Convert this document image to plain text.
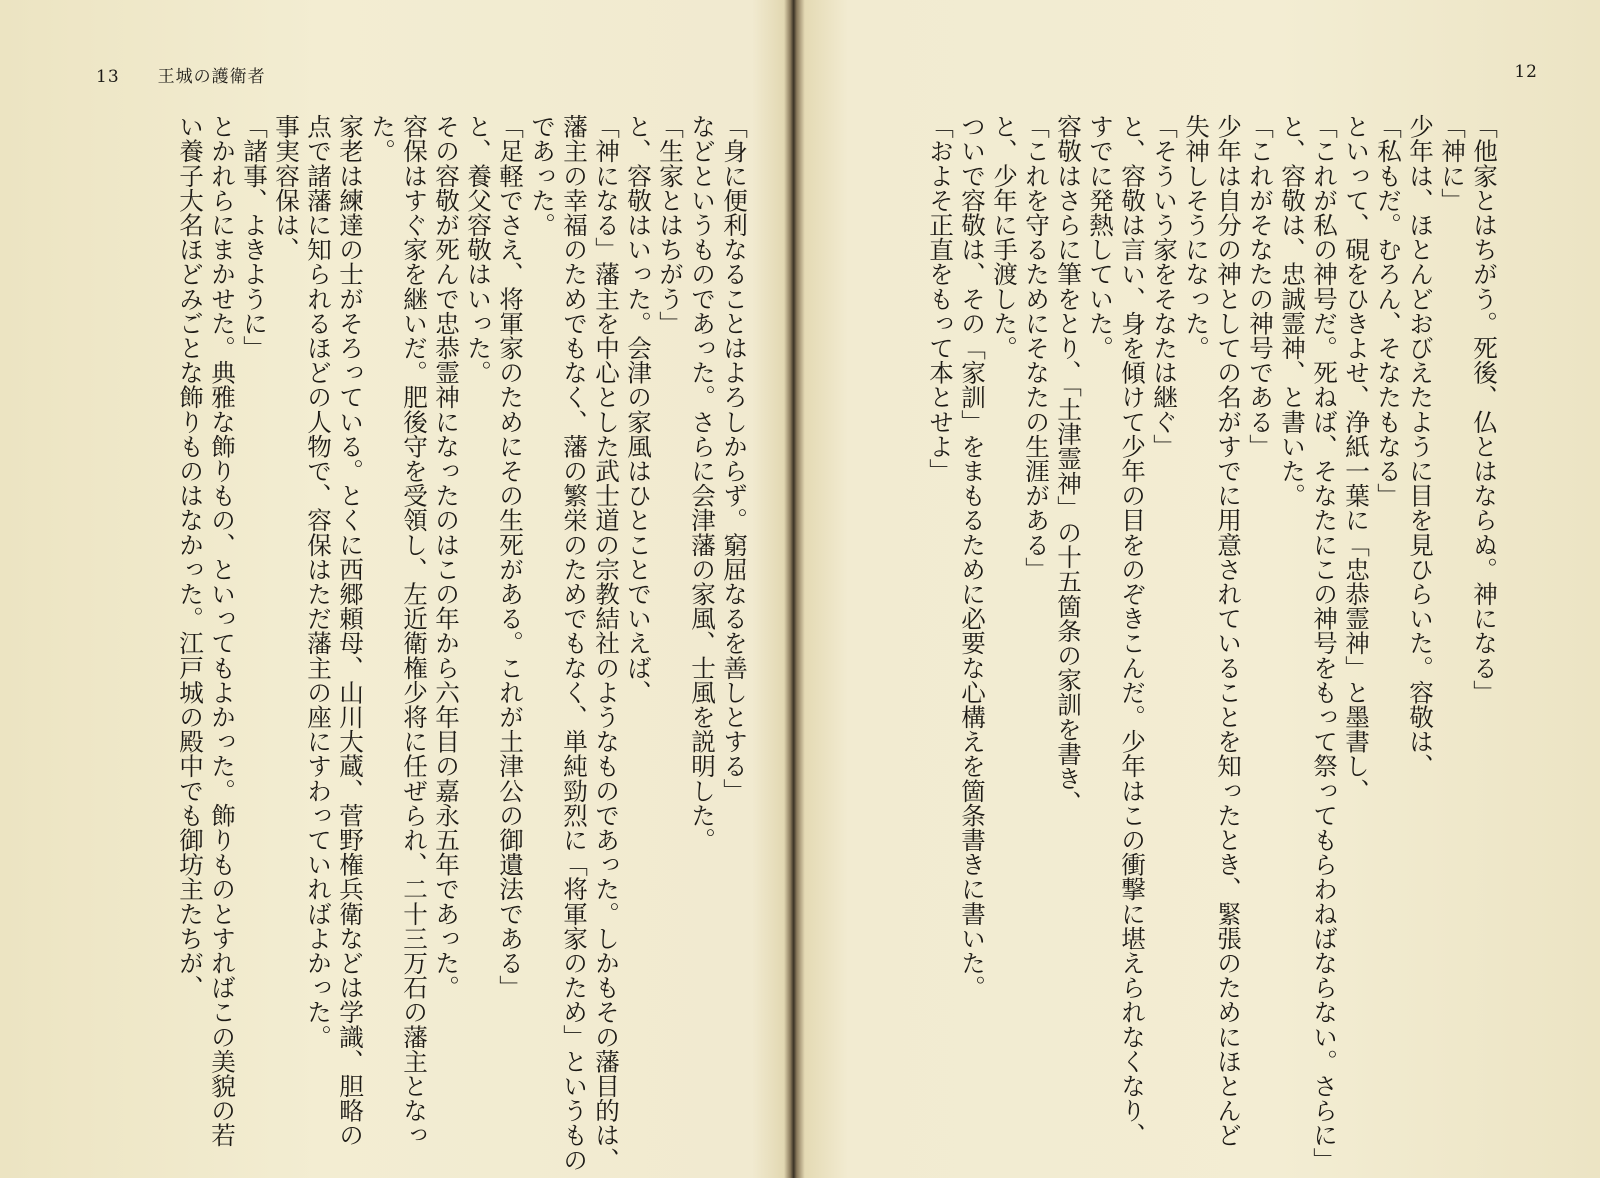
13 王城の護衛者
「身に便利なることはよろしからず。窮屈なるを善しとする」
などというものであった。さらに会津藩の家風、士風を説明した。
「生家とはちがう」
と、容敬はいった。会津の家風はひとことでいえば、
「神になる」藩主を中心とした武士道の宗教結社のようなものであった。しかもその藩目的は、
藩主の幸福のためでもなく、藩の繁栄のためでもなく、単純勁烈に「将軍家のため」というもの
であった。
「足軽でさえ、将軍家のためにその生死がある。これが土津公の御遺法である」
と、養父容敬はいった。
その容敬が死んで忠恭霊神になったのはこの年から六年目の嘉永五年であった。
容保はすぐ家を継いだ。肥後守を受領し、左近衛権少将に任ぜられ、二十三万石の藩主となっ
た。
家老は練達の士がそろっている。とくに西郷頼母、山川大蔵、菅野権兵衛などは学識、胆略の
点で諸藩に知られるほどの人物で、容保はただ藩主の座にすわっていればよかった。
事実容保は、
「諸事、よきように」
とかれらにまかせた。典雅な飾りもの、といってもよかった。飾りものとすればこの美貌の若
い養子大名ほどみごとな飾りものはなかった。江戸城の殿中でも御坊主たちが、
12
「他家とはちがう。死後、仏とはならぬ。神になる」
「神に」
少年は、ほとんどおびえたように目を見ひらいた。容敬は、
「私もだ。むろん、そなたもなる」
といって、硯をひきよせ、浄紙一葉に「忠恭霊神」と墨書し、
「これが私の神号だ。死ねば、そなたにこの神号をもって祭ってもらわねばならない。さらに」
と、容敬は、忠誠霊神、と書いた。
「これがそなたの神号である」
少年は自分の神としての名がすでに用意されていることを知ったとき、緊張のためにほとんど
失神しそうになった。
「そういう家をそなたは継ぐ」
と、容敬は言い、身を傾けて少年の目をのぞきこんだ。少年はこの衝撃に堪えられなくなり、
すでに発熱していた。
容敬はさらに筆をとり、「土津霊神」の十五箇条の家訓を書き、
「これを守るためにそなたの生涯がある」
と、少年に手渡した。
ついで容敬は、その「家訓」をまもるために必要な心構えを箇条書きに書いた。
「およそ正直をもって本とせよ」
